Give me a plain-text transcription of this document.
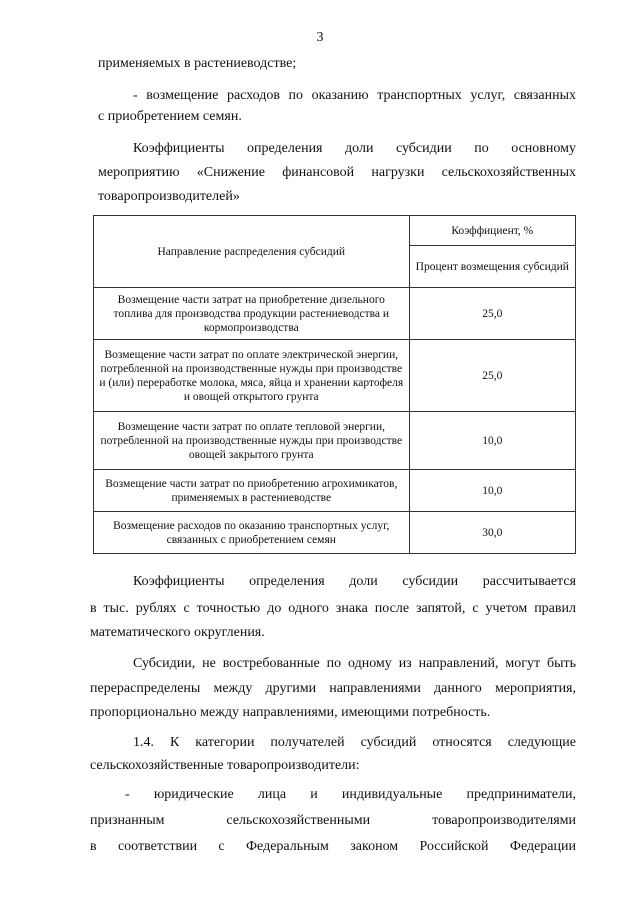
3
применяемых в растениеводстве;
- возмещение расходов по оказанию транспортных услуг, связанных
с приобретением семян.
Коэффициенты определения доли субсидии по основному
мероприятию «Снижение финансовой нагрузки сельскохозяйственных
товаропроизводителей»
Направление распределения субсидий	Коэффициент, %
	Процент возмещения субсидий
Возмещение части затрат на приобретение дизельного топлива для производства продукции растениеводства и кормопроизводства	25,0
Возмещение части затрат по оплате электрической энергии, потребленной на производственные нужды при производстве и (или) переработке молока, мяса, яйца и хранении картофеля и овощей открытого грунта	25,0
Возмещение части затрат по оплате тепловой энергии, потребленной на производственные нужды при производстве овощей закрытого грунта	10,0
Возмещение части затрат по приобретению агрохимикатов, применяемых в растениеводстве	10,0
Возмещение расходов по оказанию транспортных услуг, связанных с приобретением семян	30,0
Коэффициенты определения доли субсидии рассчитывается
в тыс. рублях с точностью до одного знака после запятой, с учетом правил
математического округления.
Субсидии, не востребованные по одному из направлений, могут быть
перераспределены между другими направлениями данного мероприятия,
пропорционально между направлениями, имеющими потребность.
1.4. К категории получателей субсидий относятся следующие
сельскохозяйственные товаропроизводители:
- юридические лица и индивидуальные предприниматели,
признанным сельскохозяйственными товаропроизводителями
в соответствии с Федеральным законом Российской Федерации
